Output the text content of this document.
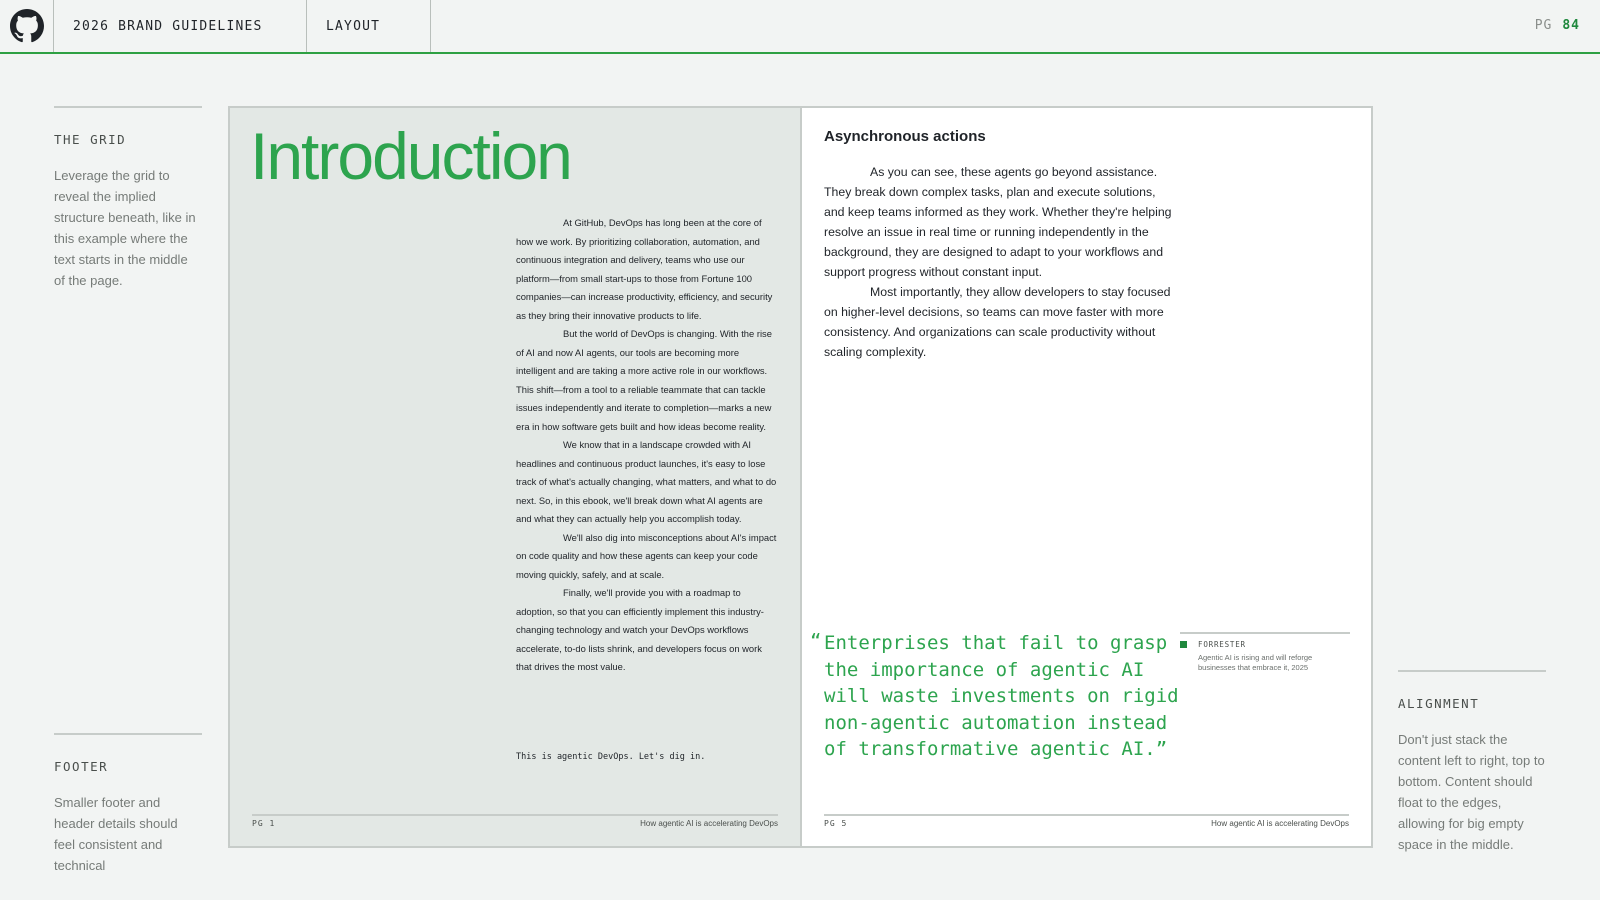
2026 BRAND GUIDELINES	LAYOUT	PG 84
THE GRID
Leverage the grid to reveal the implied structure beneath, like in this example where the text starts in the middle of the page.
FOOTER
Smaller footer and header details should feel consistent and technical
ALIGNMENT
Don't just stack the content left to right, top to bottom. Content should float to the edges, allowing for big empty space in the middle.
Introduction

At GitHub, DevOps has long been at the core of how we work. By prioritizing collaboration, automation, and continuous integration and delivery, teams who use our platform—from small start-ups to those from Fortune 100 companies—can increase productivity, efficiency, and security as they bring their innovative products to life.

But the world of DevOps is changing. With the rise of AI and now AI agents, our tools are becoming more intelligent and are taking a more active role in our workflows. This shift—from a tool to a reliable teammate that can tackle issues independently and iterate to completion—marks a new era in how software gets built and how ideas become reality.

We know that in a landscape crowded with AI headlines and continuous product launches, it's easy to lose track of what's actually changing, what matters, and what to do next. So, in this ebook, we'll break down what AI agents are and what they can actually help you accomplish today.

We'll also dig into misconceptions about AI's impact on code quality and how these agents can keep your code moving quickly, safely, and at scale.

Finally, we'll provide you with a roadmap to adoption, so that you can efficiently implement this industry-changing technology and watch your DevOps workflows accelerate, to-do lists shrink, and developers focus on work that drives the most value.

This is agentic DevOps. Let's dig in.
PG 1	How agentic AI is accelerating DevOps
Asynchronous actions

As you can see, these agents go beyond assistance. They break down complex tasks, plan and execute solutions, and keep teams informed as they work. Whether they're helping resolve an issue in real time or running independently in the background, they are designed to adapt to your workflows and support progress without constant input.

Most importantly, they allow developers to stay focused on higher-level decisions, so teams can move faster with more consistency. And organizations can scale productivity without scaling complexity.

“ Enterprises that fail to grasp the importance of agentic AI will waste investments on rigid non-agentic automation instead of transformative agentic AI.”
FORRESTER
Agentic AI is rising and will reforge businesses that embrace it, 2025
PG 5	How agentic AI is accelerating DevOps
